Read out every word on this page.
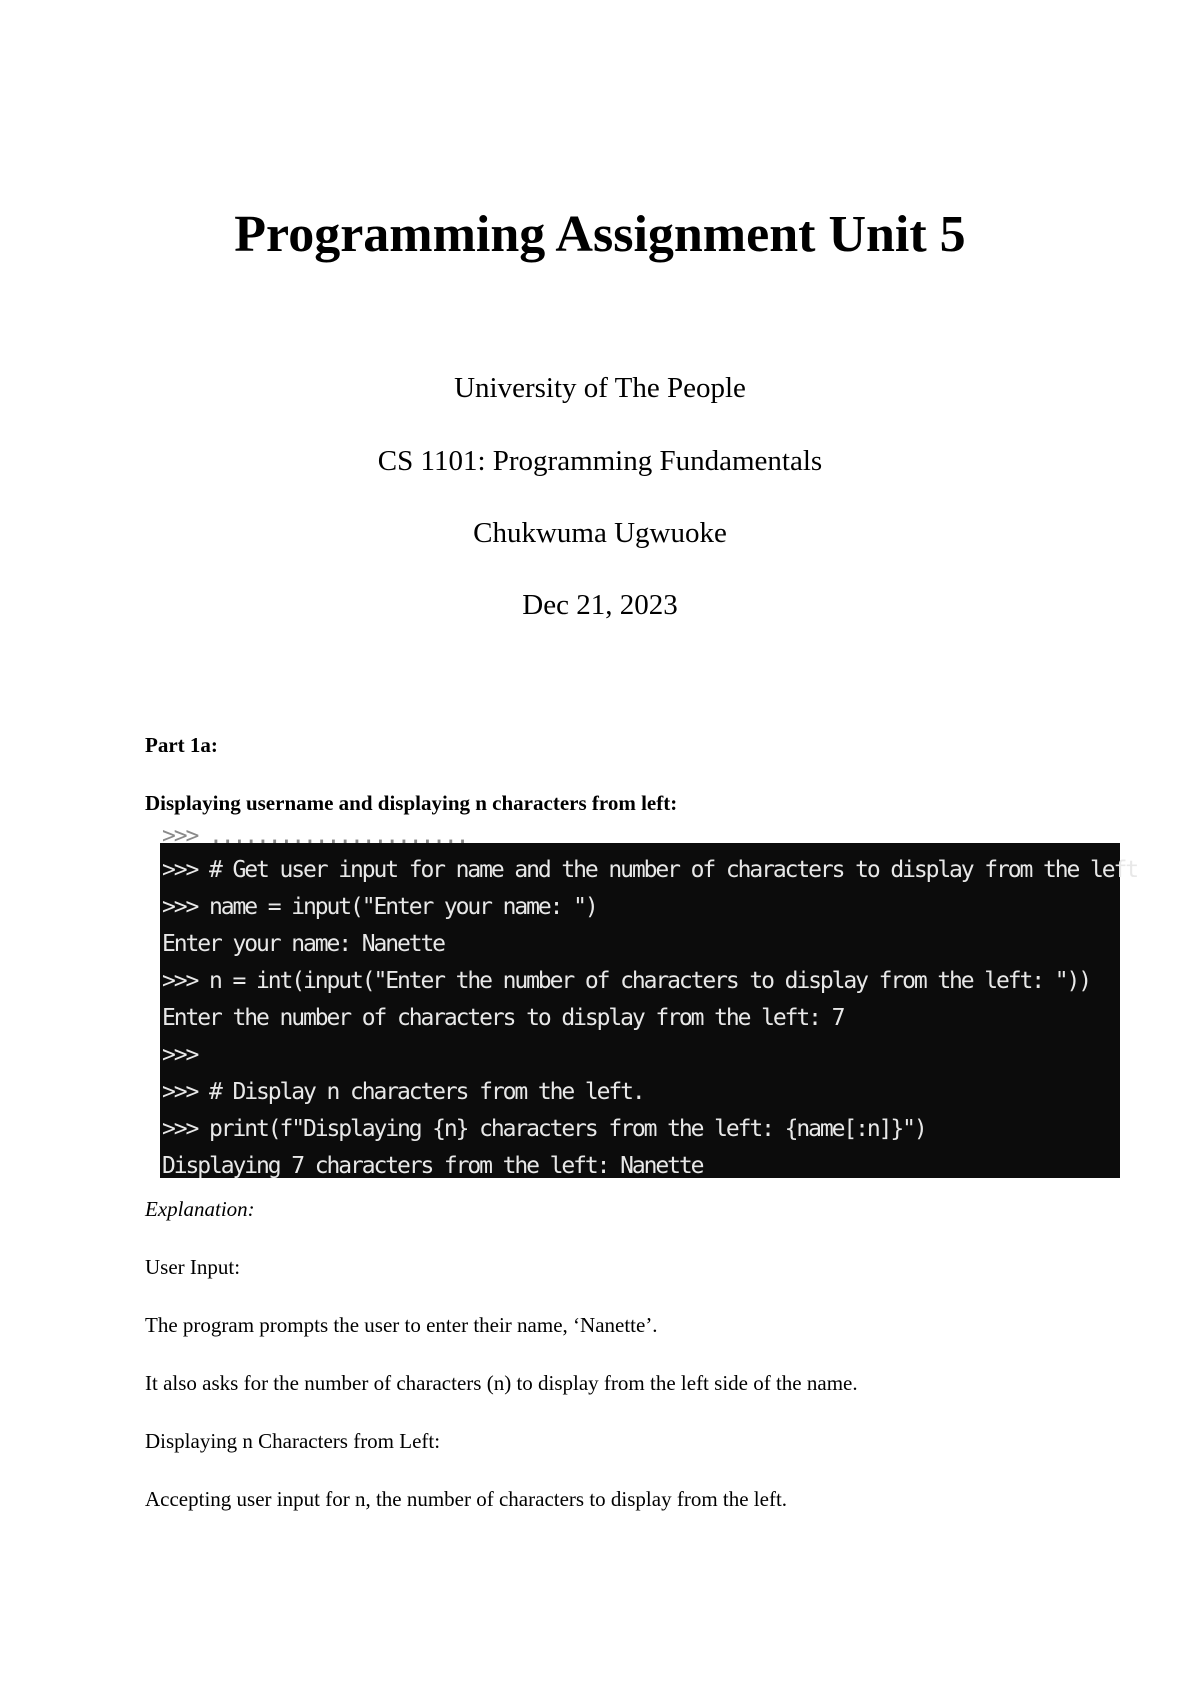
Programming Assignment Unit 5
University of The People
CS 1101: Programming Fundamentals
Chukwuma Ugwuoke
Dec 21, 2023
Part 1a:
Displaying username and displaying n characters from left:
>>> ......................
>>> # Get user input for name and the number of characters to display from the left
>>> name = input("Enter your name: ")
Enter your name: Nanette
>>> n = int(input("Enter the number of characters to display from the left: "))
Enter the number of characters to display from the left: 7
>>>
>>> # Display n characters from the left.
>>> print(f"Displaying {n} characters from the left: {name[:n]}")
Displaying 7 characters from the left: Nanette
Explanation:
User Input:
The program prompts the user to enter their name, ‘Nanette’.
It also asks for the number of characters (n) to display from the left side of the name.
Displaying n Characters from Left:
Accepting user input for n, the number of characters to display from the left.
